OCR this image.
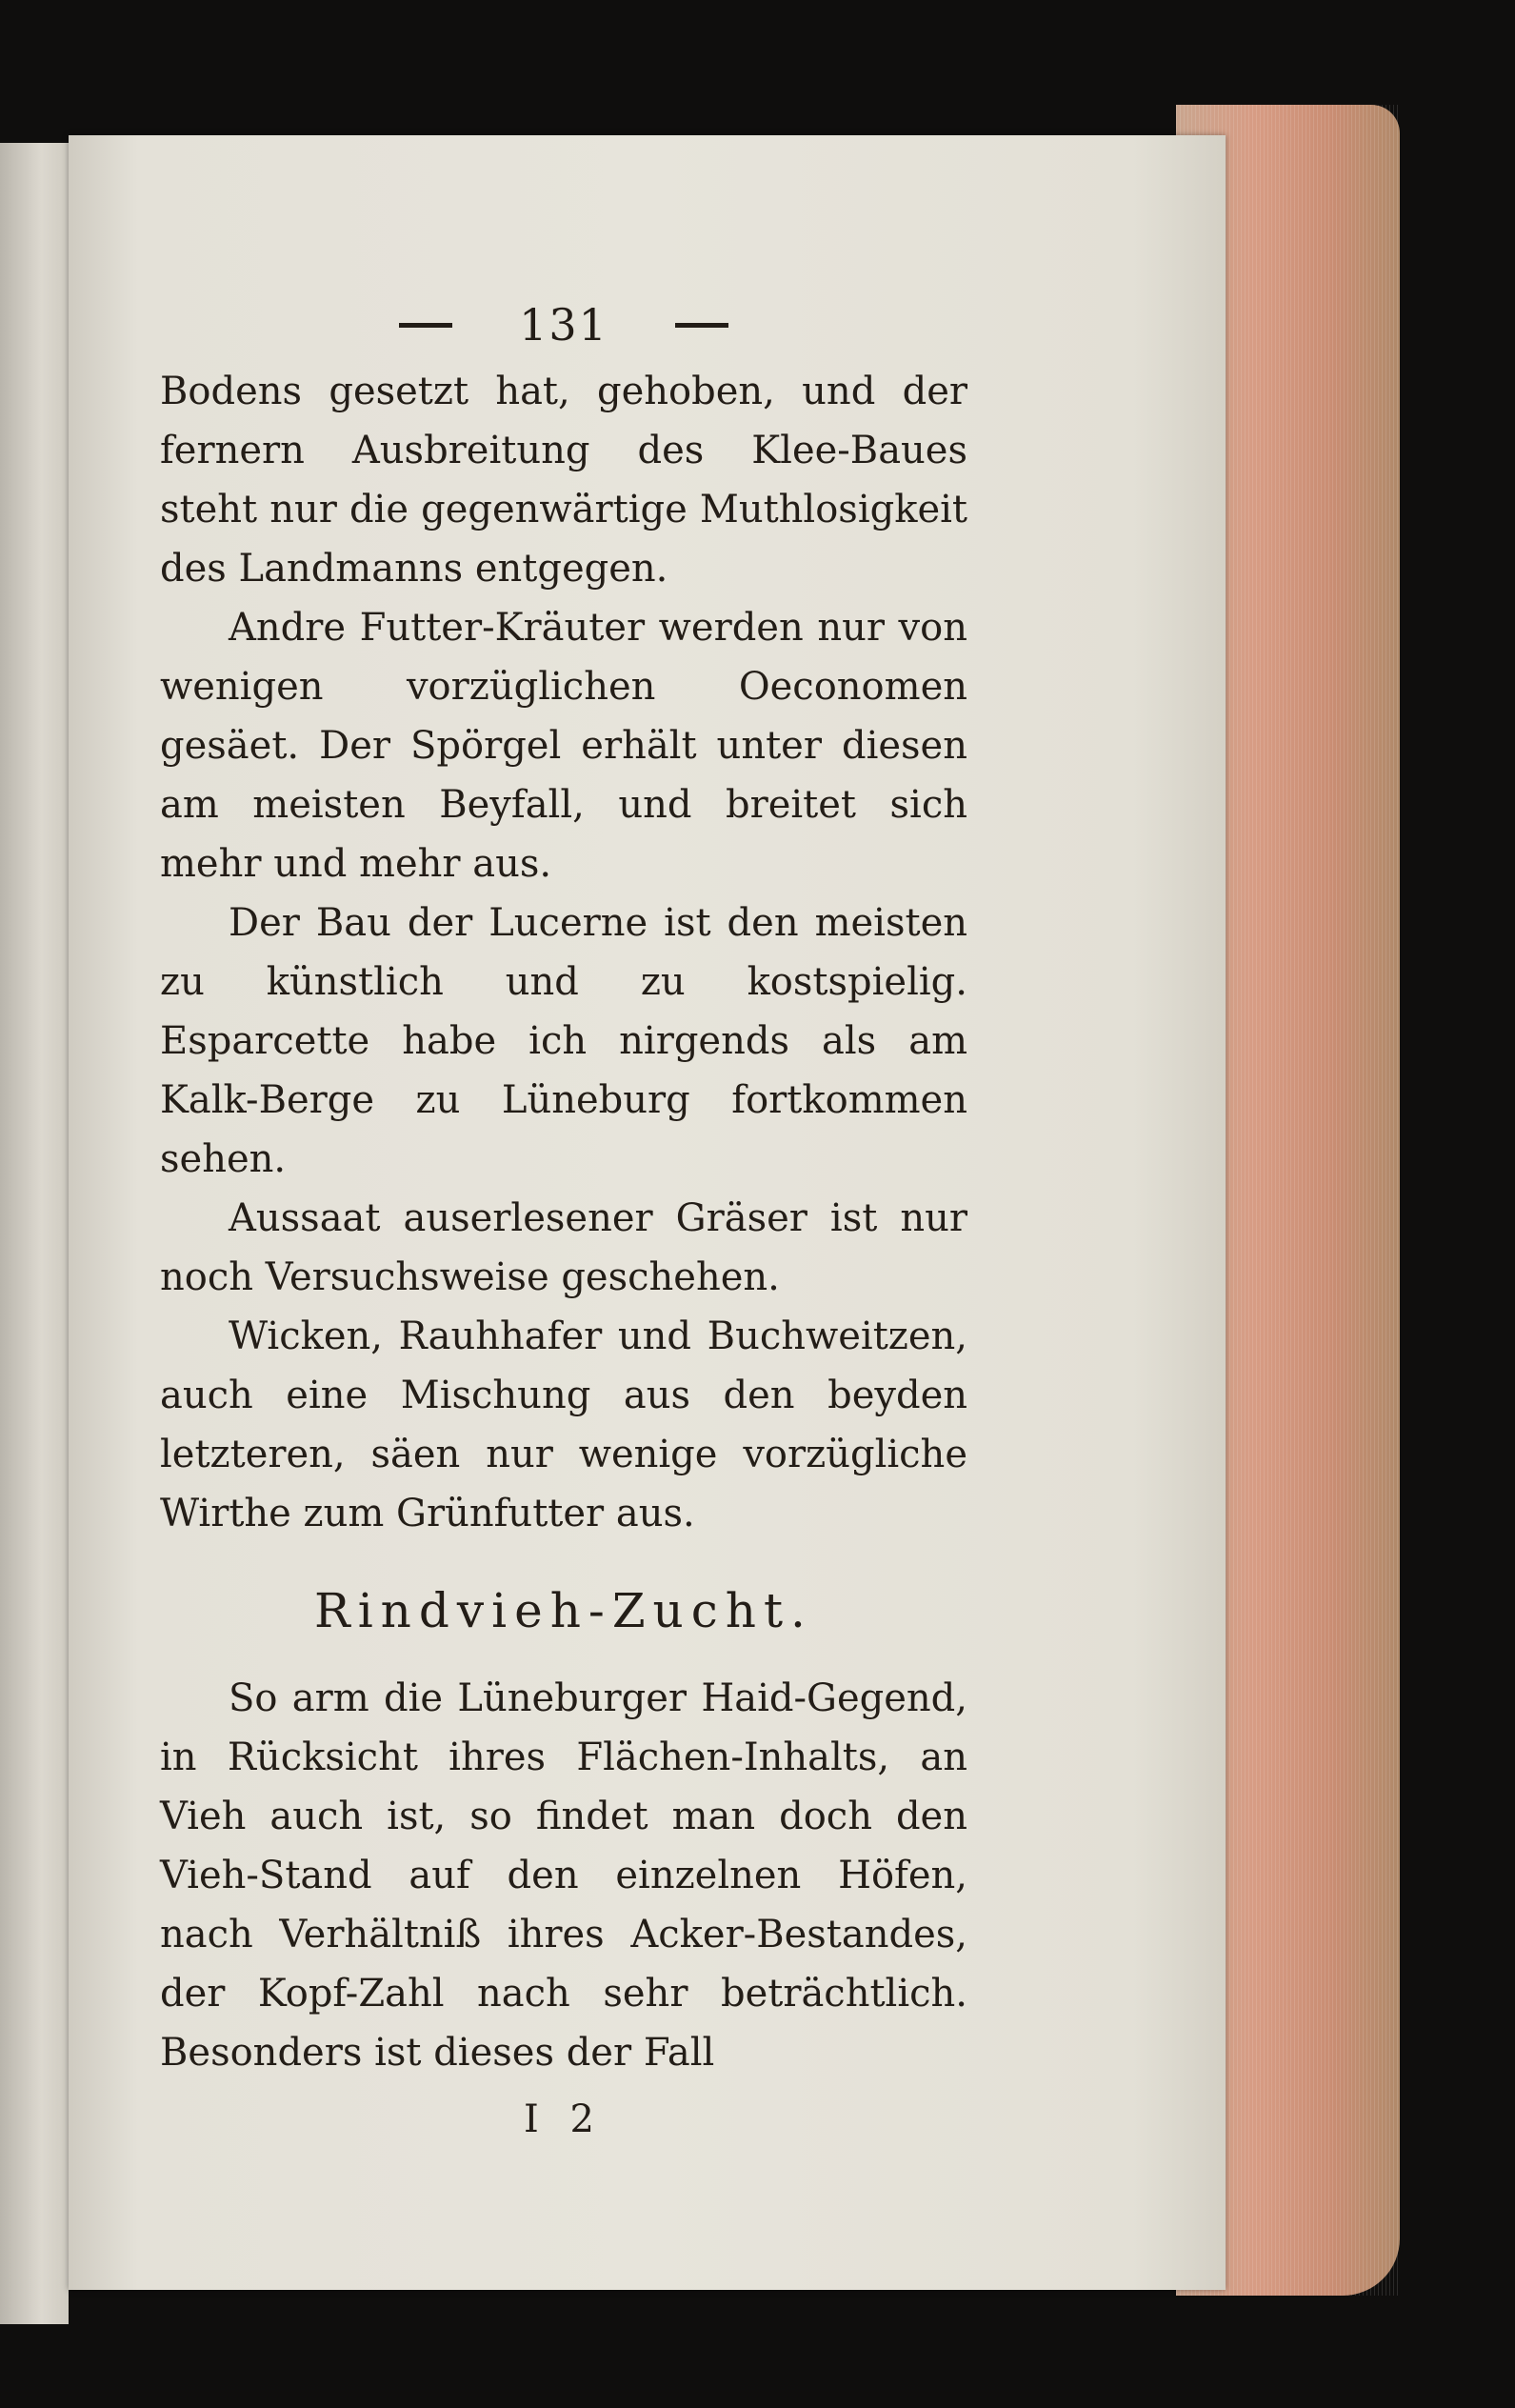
131

Bodens gesetzt hat, gehoben, und der fernern Ausbreitung des Klee-Baues steht nur die gegenwärtige Muthlosigkeit des Landmanns entgegen.

Andre Futter-Kräuter werden nur von wenigen vorzüglichen Oeconomen gesäet. Der Spörgel erhält unter diesen am meisten Beyfall, und breitet sich mehr und mehr aus.

Der Bau der Lucerne ist den meisten zu künstlich und zu kostspielig. Esparcette habe ich nirgends als am Kalk-Berge zu Lüneburg fortkommen sehen.

Aussaat auserlesener Gräser ist nur noch Versuchsweise geschehen.

Wicken, Rauhhafer und Buchweitzen, auch eine Mischung aus den beyden letzteren, säen nur wenige vorzügliche Wirthe zum Grünfutter aus.

Rindvieh-Zucht.

So arm die Lüneburger Haid-Gegend, in Rücksicht ihres Flächen-Inhalts, an Vieh auch ist, so findet man doch den Vieh-Stand auf den einzelnen Höfen, nach Verhältniß ihres Acker-Bestandes, der Kopf-Zahl nach sehr beträchtlich. Besonders ist dieses der Fall

I 2
